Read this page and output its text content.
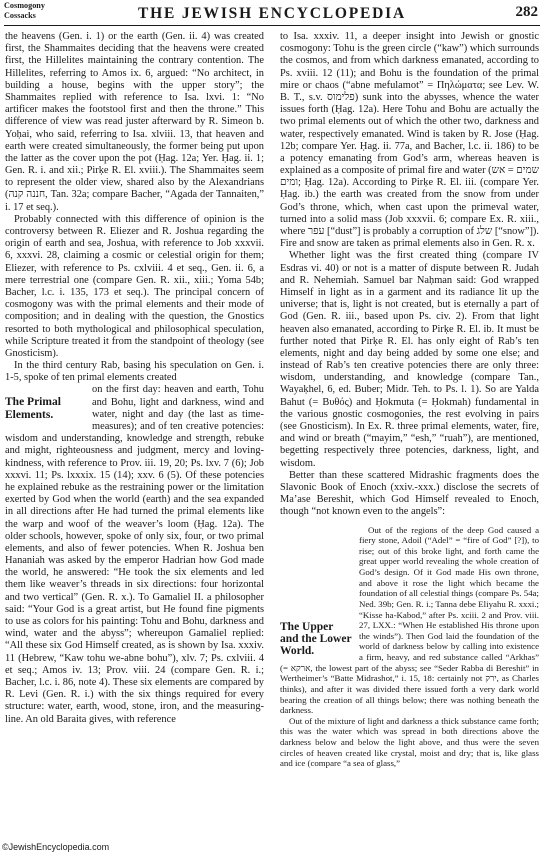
Cosmogony
Cossacks	THE JEWISH ENCYCLOPEDIA	282

the heavens (Gen. i. 1) or the earth (Gen. ii. 4) was created first, the Shammaites deciding that the heavens were created first, the Hillelites maintaining the contrary contention. The Hillelites, referring to Amos ix. 6, argued: “No architect, in building a house, begins with the upper story”; the Shammaites replied with reference to Isa. lxvi. 1: “No artificer makes the footstool first and then the throne.” This difference of view was read juster afterward by R. Simeon b. Yoḥai, who said, referring to Isa. xlviii. 13, that heaven and earth were created simultaneously, the former being put upon the latter as the cover upon the pot (Ḥag. 12a; Yer. Ḥag. ii. 1; Gen. R. i. and xii.; Pirḳe R. El. xviii.). The Shammaites seem to represent the older view, shared also by the Alexandrians (חננה קנה, Tan. 32a; compare Bacher, “Agada der Tannaiten,” i. 17 et seq.).

Probably connected with this difference of opinion is the controversy between R. Eliezer and R. Joshua regarding the origin of earth and sea, Joshua, with reference to Job xxxvii. 6, xxxvi. 28, claiming a cosmic or celestial origin for them; Eliezer, with reference to Ps. cxlviii. 4 et seq., Gen. ii. 6, a mere terrestrial one (compare Gen. R. xii., xiii.; Yoma 54b; Bacher, l.c. i. 135, 173 et seq.). The principal concern of cosmogony was with the primal elements and their mode of composition; and in dealing with the question, the Gnostics resorted to both mythological and philosophical speculation, while Scripture treated it from the standpoint of theology (see Gnosticism).

In the third century Rab, basing his speculation on Gen. i. 1-5, spoke of ten primal elements created

The Primal Elements.
on the first day: heaven and earth, Tohu and Bohu, light and darkness, wind and water, night and day (the last as time-measures); and of ten creative potencies: wisdom and understanding, knowledge and strength, rebuke and might, righteousness and judgment, mercy and loving-kindness, with reference to Prov. iii. 19, 20; Ps. lxv. 7 (6); Job xxxvi. 11; Ps. lxxxix. 15 (14); xxv. 6 (5). Of these potencies he explained rebuke as the restraining power or the limitation exerted by God when the world (earth) and the sea expanded in all directions after He had turned the primal elements like the warp and woof of the weaver’s loom (Ḥag. 12a). The older schools, however, spoke of only six, four, or two primal elements, and also of fewer potencies. When R. Joshua ben Hananiah was asked by the emperor Hadrian how God made the world, he answered: “He took the six elements and led them like weaver’s threads in six directions: four horizontal and two vertical” (Gen. R. x.). To Gamaliel II. a philosopher said: “Your God is a great artist, but He found fine pigments to use as colors for his painting: Tohu and Bohu, darkness and wind, water and the abyss”; whereupon Gamaliel replied: “All these six God Himself created, as is shown by Isa. xxxiv. 11 (Hebrew, “Kaw tohu we-abne bohu”), xlv. 7; Ps. cxlviii. 4 et seq.; Amos iv. 13; Prov. viii. 24 (compare Gen. R. i.; Bacher, l.c. i. 86, note 4). These six elements are compared by R. Levi (Gen. R. i.) with the six things required for every structure: water, earth, wood, stone, iron, and the measuring-line. An old Baraita gives, with reference

to Isa. xxxiv. 11, a deeper insight into Jewish or gnostic cosmogony: Tohu is the green circle (“kaw”) which surrounds the cosmos, and from which darkness emanated, according to Ps. xviii. 12 (11); and Bohu is the foundation of the primal mire or chaos (“abne mefulamot” = Πηλώματα; see Lev. W. B. T., s.v. פלימוס) sunk into the abysses, whence the water issues forth (Ḥag. 12a). Here Tohu and Bohu are actually the two primal elements out of which the other two, darkness and water, respectively emanated. Wind is taken by R. Jose (Ḥag. 12b; compare Yer. Ḥag. ii. 77a, and Bacher, l.c. ii. 186) to be a potency emanating from God’s arm, whereas heaven is explained as a composite of primal fire and water (שמים = אש ומים; Ḥag. 12a). According to Pirḳe R. El. iii. (compare Yer. Ḥag. ib.) the earth was created from the snow from under God’s throne, which, when cast upon the primeval water, turned into a solid mass (Job xxxvii. 6; compare Ex. R. xiii., where עפר [“dust”] is probably a corruption of שלג [“snow”]). Fire and snow are taken as primal elements also in Gen. R. x.

Whether light was the first created thing (compare IV Esdras vi. 40) or not is a matter of dispute between R. Judah and R. Nehemiah. Samuel bar Naḥman said: God wrapped Himself in light as in a garment and its radiance lit up the universe; that is, light is not created, but is eternally a part of God (Gen. R. iii., based upon Ps. civ. 2). From that light heaven also emanated, according to Pirḳe R. El. ib. It must be further noted that Pirḳe R. El. has only eight of Rab’s ten elements, night and day being added by some one else; and instead of Rab’s ten creative potencies there are only three: wisdom, understanding, and knowledge (compare Tan., Wayaḳhel, 6, ed. Buber; Midr. Teh. to Ps. l. 1). So are Yalda Bahut (= Βυθός) and Ḥokmuta (= Ḥokmah) fundamental in the various gnostic cosmogonies, the rest evolving in pairs (see Gnosticism). In Ex. R. three primal elements, water, fire, and wind or breath (“mayim,” “esh,” “ruah”), are mentioned, begetting respectively three potencies, darkness, light, and wisdom.

Better than these scattered Midrashic fragments does the Slavonic Book of Enoch (xxiv.-xxx.) disclose the secrets of Ma’ase Bereshit, which God Himself revealed to Enoch, though “not known even to the angels”:

The Upper and the Lower World.
Out of the regions of the deep God caused a fiery stone, Adoil (“Adel” = “fire of God” [?]), to rise; out of this broke light, and forth came the great upper world revealing the whole creation of God’s design. Of it God made His own throne, and above it rose the light which became the foundation of all celestial things (compare Ps. 54a; Ned. 39b; Gen. R. i.; Tanna debe Eliyahu R. xxxi.; “Kisse ha-Kabod,” after Ps. xciii. 2 and Prov. viii. 27, LXX.: “When He established His throne upon the winds”). Then God laid the foundation of the world of darkness below by calling into existence a firm, heavy, and red substance called “Arkhas” (= ארקא, the lowest part of the abyss; see “Seder Rabba di Bereshit” in Wertheimer’s “Batte Midrashot,” i. 15, 18: certainly not ירק, as Charles thinks), and after it was divided there issued forth a very dark world bearing the creation of all things below; there was nothing beneath the darkness.

Out of the mixture of light and darkness a thick substance came forth; this was the water which was spread in both directions above the darkness below and below the light above, and thus were the seven circles of heaven created like crystal, moist and dry; that is, like glass and ice (compare “a sea of glass,”

©JewishEncyclopedia.com
